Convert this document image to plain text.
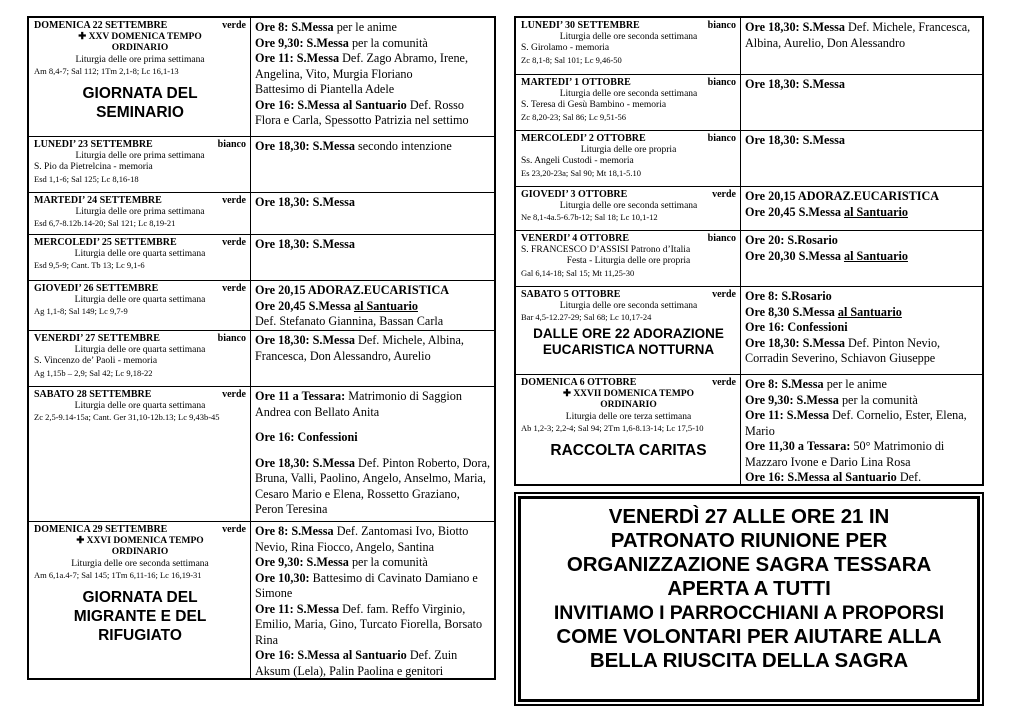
DOMENICA 22 SETTEMBRE	verde
✚ XXV DOMENICA TEMPO
ORDINARIO
Liturgia delle ore prima settimana
Am 8,4-7; Sal 112; 1Tm 2,1-8; Lc 16,1-13
GIORNATA DEL
SEMINARIO
Ore 8: S.Messa per le anime
Ore 9,30: S.Messa per la comunità
Ore 11: S.Messa Def. Zago Abramo, Irene, Angelina, Vito, Murgia Floriano
Battesimo di Piantella Adele
Ore 16: S.Messa al Santuario Def. Rosso Flora e Carla, Spessotto Patrizia nel settimo
LUNEDI’ 23 SETTEMBRE	bianco
Liturgia delle ore prima settimana
S. Pio da Pietrelcina - memoria
Esd 1,1-6; Sal 125; Lc 8,16-18
Ore 18,30: S.Messa secondo intenzione
MARTEDI’ 24 SETTEMBRE	verde
Liturgia delle ore prima settimana
Esd 6,7-8.12b.14-20; Sal 121; Lc 8,19-21
Ore 18,30: S.Messa
MERCOLEDI’ 25 SETTEMBRE	verde
Liturgia delle ore quarta settimana
Esd 9,5-9; Cant. Tb 13; Lc 9,1-6
Ore 18,30: S.Messa
GIOVEDI’ 26 SETTEMBRE	verde
Liturgia delle ore quarta settimana
Ag 1,1-8; Sal 149; Lc 9,7-9
Ore 20,15 ADORAZ.EUCARISTICA
Ore 20,45 S.Messa al Santuario
Def. Stefanato Giannina, Bassan Carla
VENERDI’ 27 SETTEMBRE	bianco
Liturgia delle ore quarta settimana
S. Vincenzo de’ Paoli - memoria
Ag 1,15b – 2,9; Sal 42; Lc 9,18-22
Ore 18,30: S.Messa Def. Michele, Albina, Francesca, Don Alessandro, Aurelio
SABATO 28 SETTEMBRE	verde
Liturgia delle ore quarta settimana
Zc 2,5-9.14-15a; Cant. Ger 31,10-12b.13; Lc 9,43b-45
Ore 11 a Tessara: Matrimonio di Saggion Andrea con Bellato Anita
Ore 16: Confessioni
Ore 18,30: S.Messa Def. Pinton Roberto, Dora, Bruna, Valli, Paolino, Angelo, Anselmo, Maria, Cesaro Mario e Elena, Rossetto Graziano, Peron Teresina
DOMENICA 29 SETTEMBRE	verde
✚ XXVI DOMENICA TEMPO
ORDINARIO
Liturgia delle ore seconda settimana
Am 6,1a.4-7; Sal 145; 1Tm 6,11-16; Lc 16,19-31
GIORNATA DEL
MIGRANTE E DEL
RIFUGIATO
Ore 8: S.Messa Def. Zantomasi Ivo, Biotto Nevio, Rina Fiocco, Angelo, Santina
Ore 9,30: S.Messa per la comunità
Ore 10,30: Battesimo di Cavinato Damiano e Simone
Ore 11: S.Messa Def. fam. Reffo Virginio, Emilio, Maria, Gino, Turcato Fiorella, Borsato Rina
Ore 16: S.Messa al Santuario Def. Zuin Aksum (Lela), Palin Paolina e genitori
LUNEDI’ 30 SETTEMBRE	bianco
Liturgia delle ore seconda settimana
S. Girolamo - memoria
Zc 8,1-8; Sal 101; Lc 9,46-50
Ore 18,30: S.Messa Def. Michele, Francesca, Albina, Aurelio, Don Alessandro
MARTEDI’ 1 OTTOBRE	bianco
Liturgia delle ore seconda settimana
S. Teresa di Gesù Bambino - memoria
Zc 8,20-23; Sal 86; Lc 9,51-56
Ore 18,30: S.Messa
MERCOLEDI’ 2 OTTOBRE	bianco
Liturgia delle ore propria
Ss. Angeli Custodi - memoria
Es 23,20-23a; Sal 90; Mt 18,1-5.10
Ore 18,30: S.Messa
GIOVEDI’ 3 OTTOBRE	verde
Liturgia delle ore seconda settimana
Ne 8,1-4a.5-6.7b-12; Sal 18; Lc 10,1-12
Ore 20,15 ADORAZ.EUCARISTICA
Ore 20,45 S.Messa al Santuario
VENERDI’ 4 OTTOBRE	bianco
S. FRANCESCO D’ASSISI Patrono d’Italia
Festa - Liturgia delle ore propria
Gal 6,14-18; Sal 15; Mt 11,25-30
Ore 20: S.Rosario
Ore 20,30 S.Messa al Santuario
SABATO 5 OTTOBRE	verde
Liturgia delle ore seconda settimana
Bar 4,5-12.27-29; Sal 68; Lc 10,17-24
DALLE ORE 22 ADORAZIONE
EUCARISTICA NOTTURNA
Ore 8: S.Rosario
Ore 8,30 S.Messa al Santuario
Ore 16: Confessioni
Ore 18,30: S.Messa Def. Pinton Nevio, Corradin Severino, Schiavon Giuseppe
DOMENICA 6 OTTOBRE	verde
✚ XXVII DOMENICA TEMPO
ORDINARIO
Liturgia delle ore terza settimana
Ab 1,2-3; 2,2-4; Sal 94; 2Tm 1,6-8.13-14; Lc 17,5-10
RACCOLTA CARITAS
Ore 8: S.Messa per le anime
Ore 9,30: S.Messa per la comunità
Ore 11: S.Messa Def. Cornelio, Ester, Elena, Mario
Ore 11,30 a Tessara: 50° Matrimonio di Mazzaro Ivone e Dario Lina Rosa
Ore 16: S.Messa al Santuario Def.
VENERDÌ 27 ALLE ORE 21 IN
PATRONATO RIUNIONE PER
ORGANIZZAZIONE SAGRA TESSARA
APERTA A TUTTI
INVITIAMO I PARROCCHIANI A PROPORSI
COME VOLONTARI PER AIUTARE ALLA
BELLA RIUSCITA DELLA SAGRA
